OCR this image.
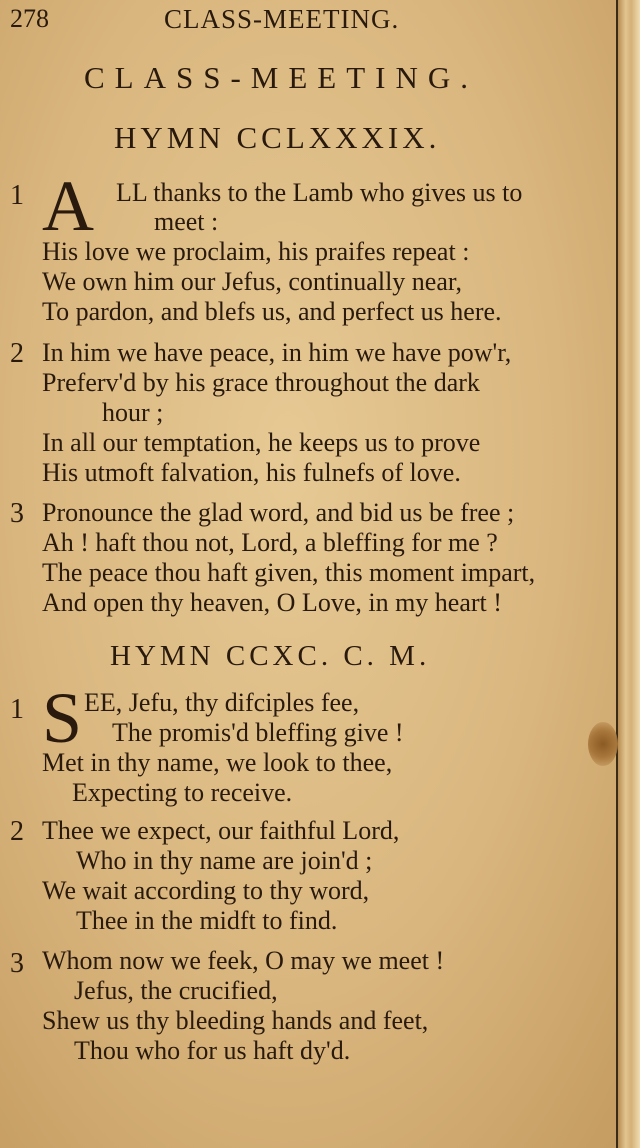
278	CLASS-MEETING.
CLASS-MEETING.
HYMN CCLXXXIX.
1 A LL thanks to the Lamb who gives us to
meet :
His love we proclaim, his praifes repeat :
We own him our Jefus, continually near,
To pardon, and blefs us, and perfect us here.
2 In him we have peace, in him we have pow'r,
Preferv'd by his grace throughout the dark
hour ;
In all our temptation, he keeps us to prove
His utmoft falvation, his fulnefs of love.
3 Pronounce the glad word, and bid us be free ;
Ah ! haft thou not, Lord, a bleffing for me ?
The peace thou haft given, this moment impart,
And open thy heaven, O Love, in my heart !
HYMN CCXC. C. M.
1 S EE, Jefu, thy difciples fee,
The promis'd bleffing give !
Met in thy name, we look to thee,
Expecting to receive.
2 Thee we expect, our faithful Lord,
Who in thy name are join'd ;
We wait according to thy word,
Thee in the midft to find.
3 Whom now we feek, O may we meet !
Jefus, the crucified,
Shew us thy bleeding hands and feet,
Thou who for us haft dy'd.
